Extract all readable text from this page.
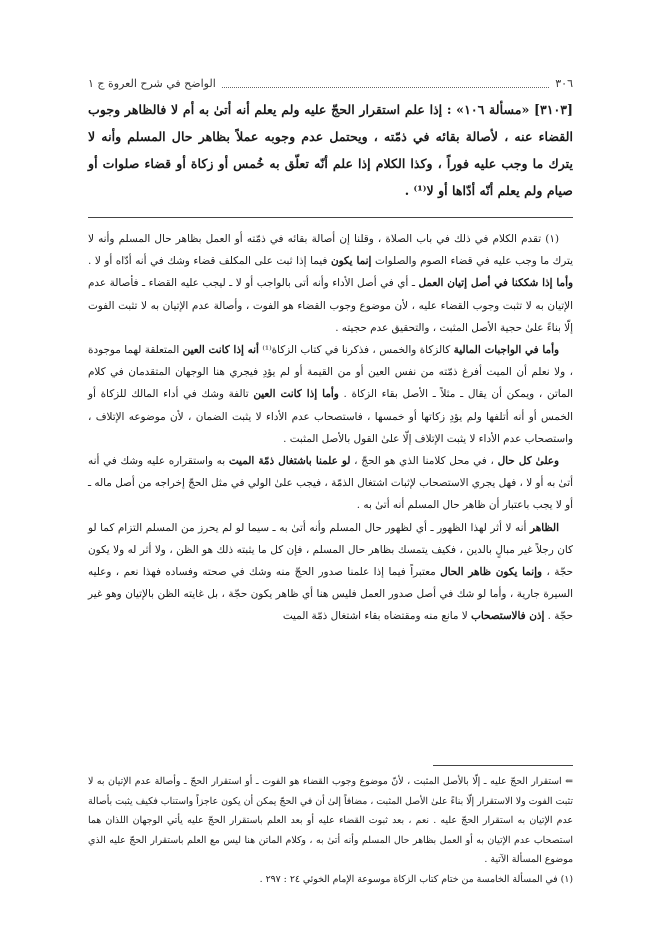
٣٠٦
الواضح في شرح العروة ج ١
[٣١٠٣] «مسألة ١٠٦» : إذا علم استقرار الحجّ عليه ولم يعلم أنه أتىٰ به أم لا فالظاهر وجوب القضاء عنه ، لأصالة بقائه في ذمّته ، ويحتمل عدم وجوبه عملاً بظاهر حال المسلم وأنه لا يترك ما وجب عليه فوراً ، وكذا الكلام إذا علم أنّه تعلّق به خُمس أو زكاة أو قضاء صلوات أو صيام ولم يعلم أنّه أدّاها أو لا⁽¹⁾ .

(١) تقدم الكلام في ذلك في باب الصلاة ، وقلنا إن أصالة بقائه في ذمّته أو العمل بظاهر حال المسلم وأنه لا يترك ما وجب عليه في قضاء الصوم والصلوات إنما يكون فيما إذا ثبت على المكلف قضاء وشك في أنه أدّاه أو لا . وأما إذا شككنا في أصل إتيان العمل ـ أي في أصل الأداء وأنه أتى بالواجب أو لا ـ ليجب عليه القضاء ـ فأصالة عدم الإتيان به لا تثبت وجوب القضاء عليه ، لأن موضوع وجوب القضاء هو الفوت ، وأصالة عدم الإتيان به لا تثبت الفوت إلّا بناءً علىٰ حجية الأصل المثبت ، والتحقيق عدم حجيته .

وأما في الواجبات المالية كالزكاة والخمس ، فذكرنا في كتاب الزكاة⁽¹⁾ أنه إذا كانت العين المتعلقة لهما موجودة ، ولا نعلم أن الميت أفرغ ذمّته من نفس العين أو من القيمة أو لم يؤدِ فيجري هنا الوجهان المتقدمان في كلام الماتن ، ويمكن أن يقال ـ مثلاً ـ الأصل بقاء الزكاة . وأما إذا كانت العين تالفة وشك في أداء المالك للزكاة أو الخمس أو أنه أتلفها ولم يؤدِ زكاتها أو خمسها ، فاستصحاب عدم الأداء لا يثبت الضمان ، لأن موضوعه الإتلاف ، واستصحاب عدم الأداء لا يثبت الإتلاف إلّا علىٰ القول بالأصل المثبت .

وعلىٰ كل حال ، في محل كلامنا الذي هو الحجّ ، لو علمنا باشتغال ذمّة الميت به واستقراره عليه وشك في أنه أتىٰ به أو لا ، فهل يجري الاستصحاب لإثبات اشتغال الذمّة ، فيجب علىٰ الولي في مثل الحجّ إخراجه من أصل ماله ـ أو لا يجب باعتبار أن ظاهر حال المسلم أنه أتىٰ به .

الظاهر أنه لا أثر لهذا الظهور ـ أي لظهور حال المسلم وأنه أتىٰ به ـ سيما لو لم يحرز من المسلم التزام كما لو كان رجلاً غير مبالٍ بالدين ، فكيف يتمسك بظاهر حال المسلم ، فإن كل ما يثبته ذلك هو الظن ، ولا أثر له ولا يكون حجّة ، وإنما يكون ظاهر الحال معتبراً فيما إذا علمنا صدور الحجّ منه وشك في صحته وفساده فهذا نعم ، وعليه السيرة جارية ، وأما لو شك في أصل صدور العمل فليس هنا أي ظاهر يكون حجّة ، بل غايته الظن بالإتيان وهو غير حجّة . إذن فالاستصحاب لا مانع منه ومقتضاه بقاء اشتغال ذمّة الميت

⇐ استقرار الحجّ عليه ـ إلّا بالأصل المثبت ، لأنّ موضوع وجوب القضاء هو الفوت ـ أو استقرار الحجّ ـ وأصالة عدم الإتيان به لا تثبت الفوت ولا الاستقرار إلّا بناءً علىٰ الأصل المثبت ، مضافاً إلىٰ أن في الحجّ يمكن أن يكون عاجزاً واستناب فكيف يثبت بأصالة عدم الإتيان به استقرار الحجّ عليه . نعم ، بعد ثبوت القضاء عليه أو بعد العلم باستقرار الحجّ عليه يأتي الوجهان اللذان هما استصحاب عدم الإتيان به أو العمل بظاهر حال المسلم وأنه أتىٰ به ، وكلام الماتن هنا ليس مع العلم باستقرار الحجّ عليه الذي موضوع المسألة الآتية .

(١) في المسألة الخامسة من ختام كتاب الزكاة موسوعة الإمام الخوئي ٢٤ : ٢٩٧ .
